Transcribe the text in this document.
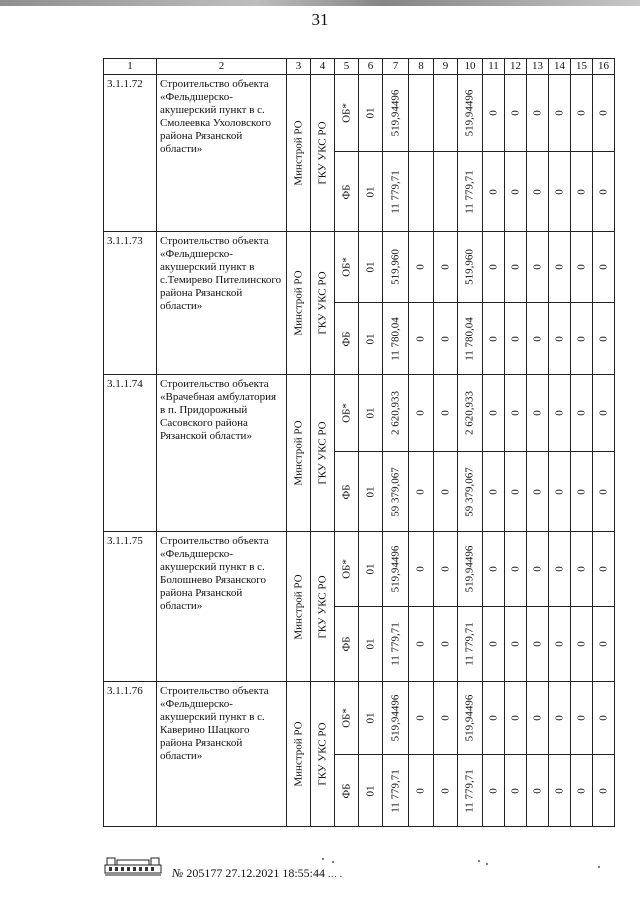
31
1	2	3	4	5	6	7	8	9	10	11	12	13	14	15	16
3.1.1.72	Строительство объекта «Фельдшерско-акушерский пункт в с. Смолеевка Ухоловского района Рязанской области»	Минстрой РО	ГКУ УКС РО	ОБ*	01	519,94496			519,94496	0	0	0	0	0	0

				ФБ	01	11 779,71			11 779,71	0	0	0	0	0	0

3.1.1.73	Строительство объекта «Фельдшерско-акушерский пункт в с.Темирево Пителинского района Рязанской области»	Минстрой РО	ГКУ УКС РО	ОБ*	01	519,960	0	0	519,960	0	0	0	0	0	0

				ФБ	01	11 780,04	0	0	11 780,04	0	0	0	0	0	0

3.1.1.74	Строительство объекта «Врачебная амбулатория в п. Придорожный Сасовского района Рязанской области»	Минстрой РО	ГКУ УКС РО	ОБ*	01	2 620,933	0	0	2 620,933	0	0	0	0	0	0

				ФБ	01	59 379,067	0	0	59 379,067	0	0	0	0	0	0

3.1.1.75	Строительство объекта «Фельдшерско-акушерский пункт в с. Болошнево Рязанского района Рязанской области»	Минстрой РО	ГКУ УКС РО	ОБ*	01	519,94496	0	0	519,94496	0	0	0	0	0	0

				ФБ	01	11 779,71	0	0	11 779,71	0	0	0	0	0	0

3.1.1.76	Строительство объекта «Фельдшерско-акушерский пункт в с. Каверино Шацкого района Рязанской области»	Минстрой РО	ГКУ УКС РО	ОБ*	01	519,94496	0	0	519,94496	0	0	0	0	0	0

				ФБ	01	11 779,71	0	0	11 779,71	0	0	0	0	0	0
№ 205177 27.12.2021 18:55:44 .‥ .
